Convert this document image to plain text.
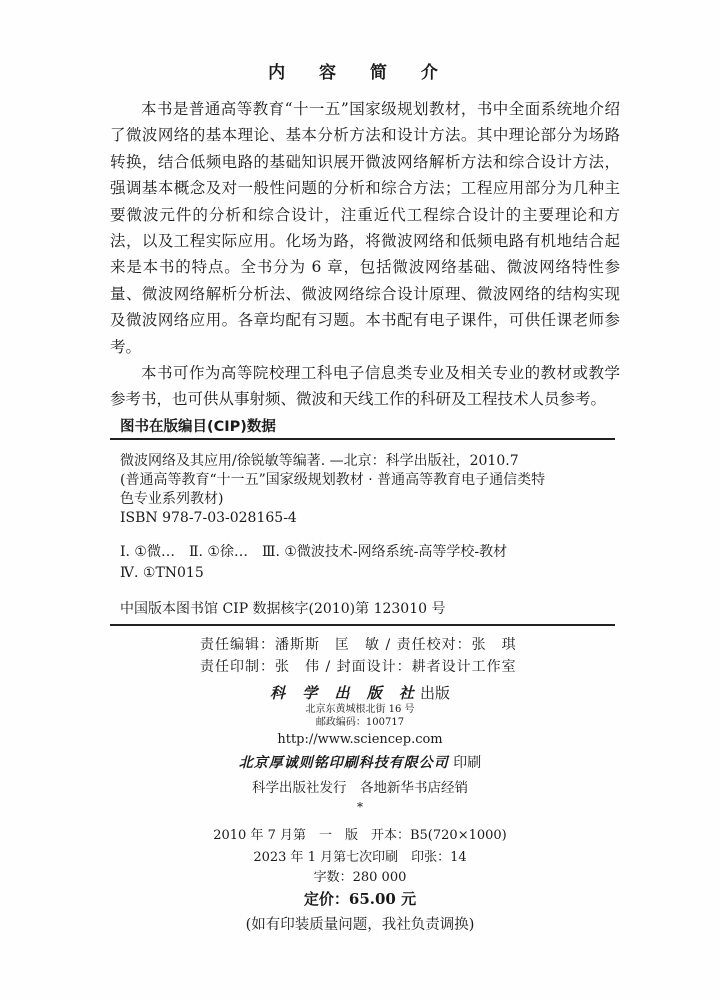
内 容 简 介

本书是普通高等教育“十一五”国家级规划教材，书中全面系统地介绍了微波网络的基本理论、基本分析方法和设计方法。其中理论部分为场路转换，结合低频电路的基础知识展开微波网络解析方法和综合设计方法，强调基本概念及对一般性问题的分析和综合方法；工程应用部分为几种主要微波元件的分析和综合设计，注重近代工程综合设计的主要理论和方法，以及工程实际应用。化场为路，将微波网络和低频电路有机地结合起来是本书的特点。全书分为 6 章，包括微波网络基础、微波网络特性参量、微波网络解析分析法、微波网络综合设计原理、微波网络的结构实现及微波网络应用。各章均配有习题。本书配有电子课件，可供任课老师参考。

本书可作为高等院校理工科电子信息类专业及相关专业的教材或教学参考书，也可供从事射频、微波和天线工作的科研及工程技术人员参考。

图书在版编目(CIP)数据
微波网络及其应用/徐锐敏等编著. —北京：科学出版社，2010.7
(普通高等教育“十一五”国家级规划教材 · 普通高等教育电子通信类特
色专业系列教材)
ISBN 978-7-03-028165-4
Ⅰ. ①微…　Ⅱ. ①徐…　Ⅲ. ①微波技术-网络系统-高等学校-教材
Ⅳ. ①TN015
中国版本图书馆 CIP 数据核字(2010)第 123010 号
责任编辑：潘斯斯　匡　敏 / 责任校对：张　琪
责任印制：张　伟 / 封面设计：耕者设计工作室
科 学 出 版 社出版
北京东黄城根北街 16 号
邮政编码：100717
http://www.sciencep.com
北京厚诚则铭印刷科技有限公司 印刷
科学出版社发行　各地新华书店经销
*
2010 年 7 月第　一　版　开本：B5(720×1000)
2023 年 1 月第七次印刷　印张：14
字数：280 000
定价：65.00 元
(如有印装质量问题，我社负责调换)
